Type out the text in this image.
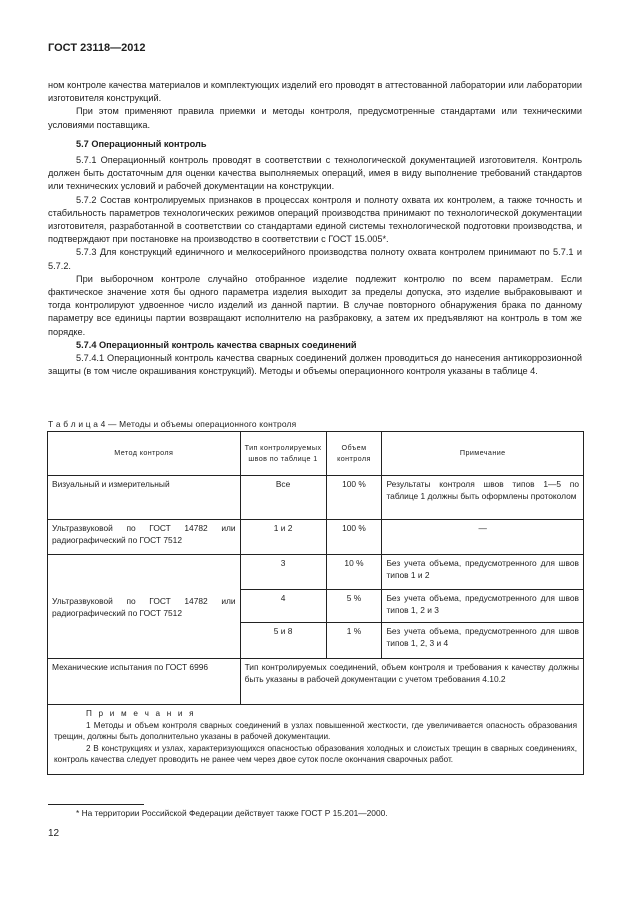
ГОСТ 23118—2012

ном контроле качества материалов и комплектующих изделий его проводят в аттестованной лаборатории или лаборатории изготовителя конструкций.

При этом применяют правила приемки и методы контроля, предусмотренные стандартами или техническими условиями поставщика.

5.7 Операционный контроль

5.7.1 Операционный контроль проводят в соответствии с технологической документацией изготовителя. Контроль должен быть достаточным для оценки качества выполняемых операций, имея в виду выполнение требований стандартов или технических условий и рабочей документации на конструкции.

5.7.2 Состав контролируемых признаков в процессах контроля и полноту охвата их контролем, а также точность и стабильность параметров технологических режимов операций производства принимают по технологической документации изготовителя, разработанной в соответствии со стандартами единой системы технологической подготовки производства, и подтверждают при постановке на производство в соответствии с ГОСТ 15.005*.

5.7.3 Для конструкций единичного и мелкосерийного производства полноту охвата контролем принимают по 5.7.1 и 5.7.2.

При выборочном контроле случайно отобранное изделие подлежит контролю по всем параметрам. Если фактическое значение хотя бы одного параметра изделия выходит за пределы допуска, это изделие выбраковывают и тогда контролируют удвоенное число изделий из данной партии. В случае повторного обнаружения брака по данному параметру все единицы партии возвращают исполнителю на разбраковку, а затем их предъявляют на контроль в том же порядке.

5.7.4 Операционный контроль качества сварных соединений

5.7.4.1 Операционный контроль качества сварных соединений должен проводиться до нанесения антикоррозионной защиты (в том числе окрашивания конструкций). Методы и объемы операционного контроля указаны в таблице 4.

Т а б л и ц а 4 — Методы и объемы операционного контроля
Метод контроля	Тип контролируемых швов по таблице 1	Объем контроля	Примечание
Визуальный и измерительный	Все	100 %	Результаты контроля швов типов 1—5 по таблице 1 должны быть оформлены протоколом
Ультразвуковой по ГОСТ 14782 или радиографический по ГОСТ 7512	1 и 2	100 %	—
Ультразвуковой по ГОСТ 14782 или радиографический по ГОСТ 7512	3	10 %	Без учета объема, предусмотренного для швов типов 1 и 2
	4	5 %	Без учета объема, предусмотренного для швов типов 1, 2 и 3
	5 и 8	1 %	Без учета объема, предусмотренного для швов типов 1, 2, 3 и 4
Механические испытания по ГОСТ 6996	Тип контролируемых соединений, объем контроля и требования к качеству должны быть указаны в рабочей документации с учетом требования 4.10.2		

П р и м е ч а н и я

1 Методы и объем контроля сварных соединений в узлах повышенной жесткости, где увеличивается опасность образования трещин, должны быть дополнительно указаны в рабочей документации.

2 В конструкциях и узлах, характеризующихся опасностью образования холодных и слоистых трещин в сварных соединениях, контроль качества следует проводить не ранее чем через двое суток после окончания сварочных работ.			

* На территории Российской Федерации действует также ГОСТ Р 15.201—2000.
12
